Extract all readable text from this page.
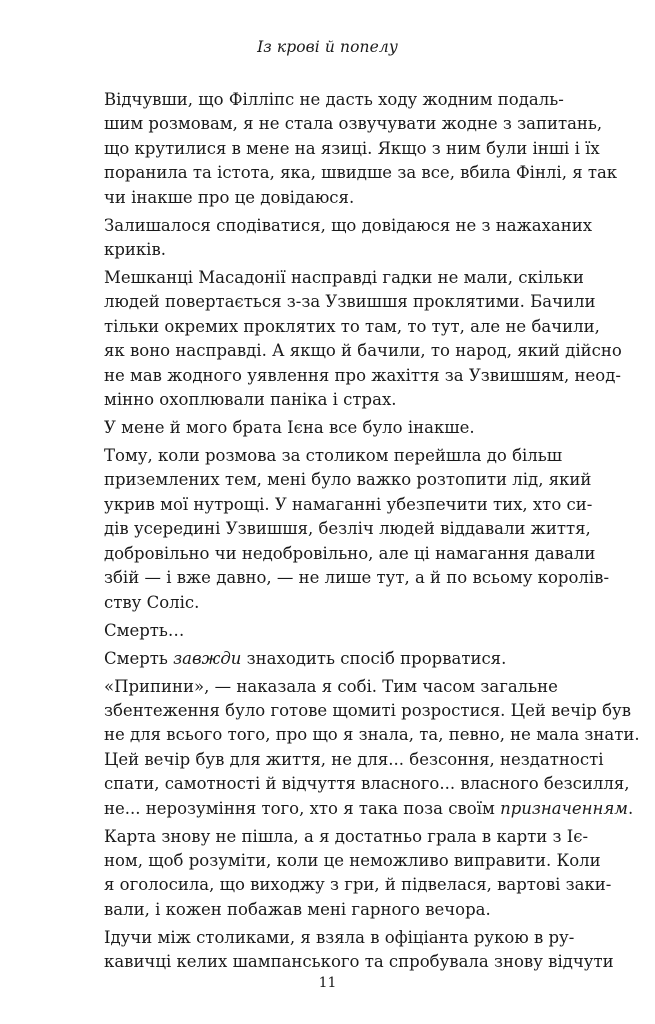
Із крові й попелу

Відчувши, що Філліпс не дасть ходу жодним подаль-
шим розмовам, я не стала озвучувати жодне з запитань,
що крутилися в мене на язиці. Якщо з ним були інші і їх
поранила та істота, яка, швидше за все, вбила Фінлі, я так
чи інакше про це довідаюся.

Залишалося сподіватися, що довідаюся не з нажаханих
криків.

Мешканці Масадонії насправді гадки не мали, скільки
людей повертається з-за Узвишшя проклятими. Бачили
тільки окремих проклятих то там, то тут, але не бачили,
як воно насправді. А якщо й бачили, то народ, який дійсно
не мав жодного уявлення про жахіття за Узвишшям, неод-
мінно охоплювали паніка і страх.

У мене й мого брата Ієна все було інакше.

Тому, коли розмова за столиком перейшла до більш
приземлених тем, мені було важко розтопити лід, який
укрив мої нутрощі. У намаганні убезпечити тих, хто си-
дів усередині Узвишшя, безліч людей віддавали життя,
добровільно чи недобровільно, але ці намагання давали
збій — і вже давно, — не лише тут, а й по всьому королів-
ству Соліс.

Смерть…

Смерть завжди знаходить спосіб прорватися.

«Припини», — наказала я собі. Тим часом загальне
збентеження було готове щомиті розростися. Цей вечір був
не для всього того, про що я знала, та, певно, не мала знати.
Цей вечір був для життя, не для... безсоння, нездатності
спати, самотності й відчуття власного... власного безсилля,
не... нерозуміння того, хто я така поза своїм призначенням.

Карта знову не пішла, а я достатньо грала в карти з Іє-
ном, щоб розуміти, коли це неможливо виправити. Коли
я оголосила, що виходжу з гри, й підвелася, вартові заки-
вали, і кожен побажав мені гарного вечора.

Ідучи між столиками, я взяла в офіціанта рукою в ру-
кавичці келих шампанського та спробувала знову відчути

11
